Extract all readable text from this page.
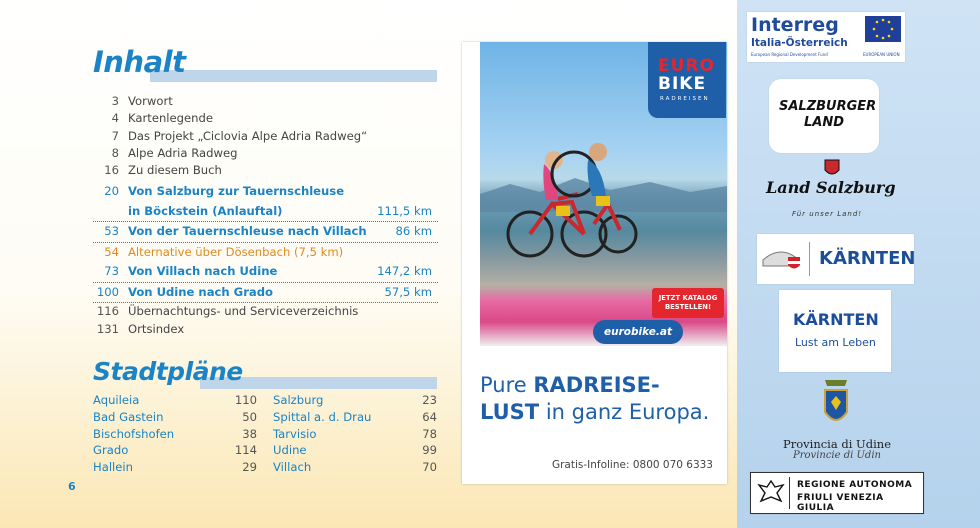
Inhalt
3 Vorwort
4 Kartenlegende
7 Das Projekt „Ciclovia Alpe Adria Radweg“
8 Alpe Adria Radweg
16 Zu diesem Buch
20 Von Salzburg zur Tauernschleuse
in Böckstein (Anlauftal)	111,5 km
53 Von der Tauernschleuse nach Villach 86 km
54 Alternative über Dösenbach (7,5 km)
73 Von Villach nach Udine	147,2 km
100 Von Udine nach Grado	57,5 km
116 Übernachtungs- und Serviceverzeichnis
131 Ortsindex
Stadtpläne
Aquileia	110
Bad Gastein	50
Bischofshofen	38
Grado	114
Hallein	29
Salzburg	23
Spittal a. d. Drau	64
Tarvisio	78
Udine	99
Villach	70
6
EURO
BIKE
RADREISEN
JETZT KATALOG
BESTELLEN!
eurobike.at
Pure RADREISE-
LUST in ganz Europa.
Gratis-Infoline: 0800 070 6333
Interreg
Italia-Österreich
European Regional Development Fund	EUROPEAN UNION
SALZBURGER LAND
Land Salzburg
Für unser Land!
KÄRNTEN
KÄRNTEN
Lust am Leben
Provincia di Udine
Provincie di Udin
REGIONE AUTONOMA
FRIULI VENEZIA GIULIA
